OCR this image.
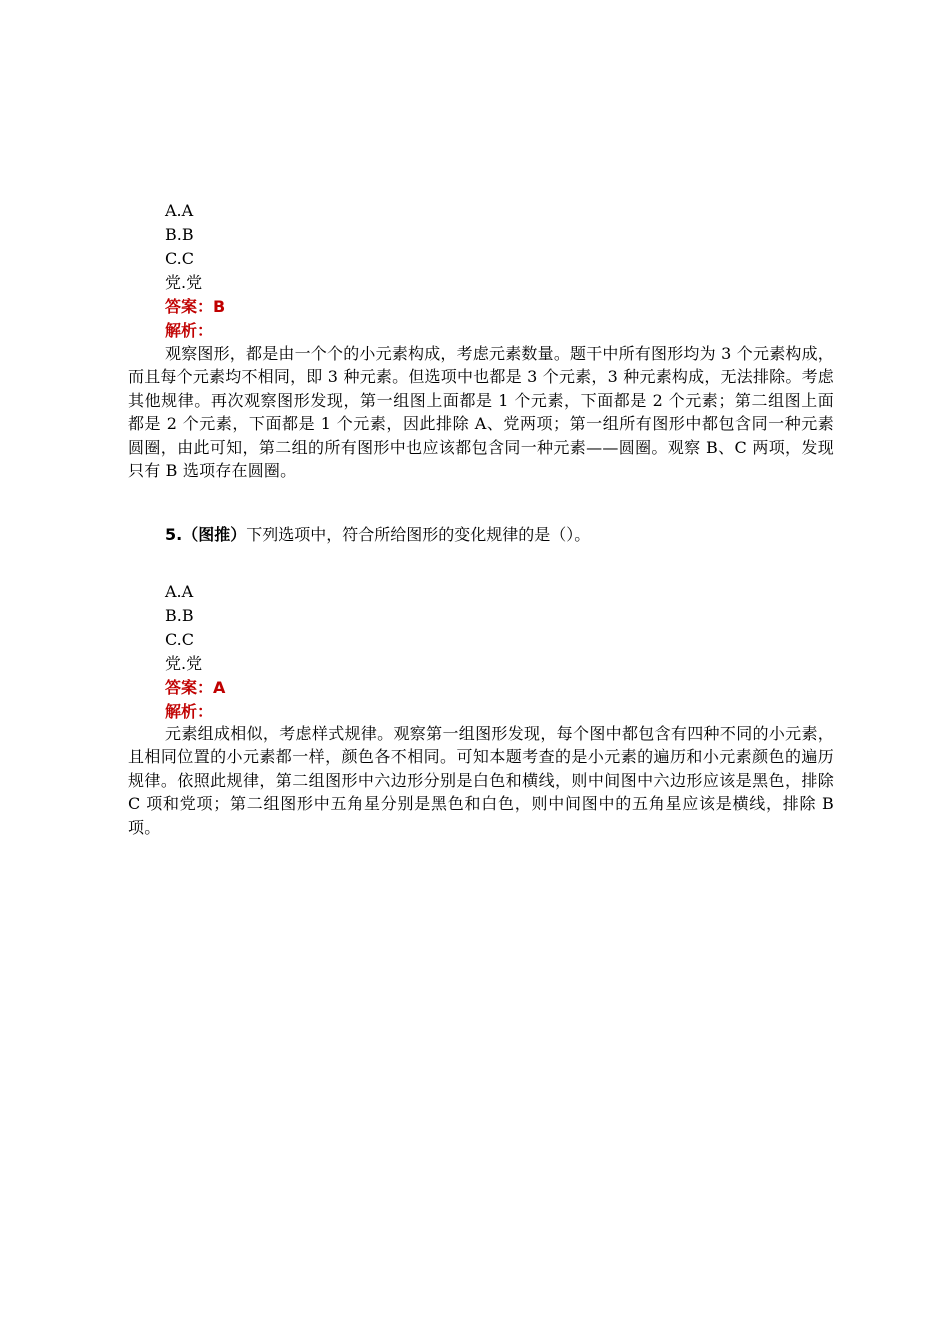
A.A
B.B
C.C
党.党
答案：B
解析：
观察图形，都是由一个个的小元素构成，考虑元素数量。题干中所有图形均为 3 个元素构成，而且每个元素均不相同，即 3 种元素。但选项中也都是 3 个元素，3 种元素构成，无法排除。考虑其他规律。再次观察图形发现，第一组图上面都是 1 个元素，下面都是 2 个元素；第二组图上面都是 2 个元素，下面都是 1 个元素，因此排除 A、党两项；第一组所有图形中都包含同一种元素圆圈，由此可知，第二组的所有图形中也应该都包含同一种元素——圆圈。观察 B、C 两项，发现只有 B 选项存在圆圈。
5.（图推）下列选项中，符合所给图形的变化规律的是（）。
A.A
B.B
C.C
党.党
答案：A
解析：
元素组成相似，考虑样式规律。观察第一组图形发现，每个图中都包含有四种不同的小元素，且相同位置的小元素都一样，颜色各不相同。可知本题考查的是小元素的遍历和小元素颜色的遍历规律。依照此规律，第二组图形中六边形分别是白色和横线，则中间图中六边形应该是黑色，排除 C 项和党项；第二组图形中五角星分别是黑色和白色，则中间图中的五角星应该是横线，排除 B 项。
